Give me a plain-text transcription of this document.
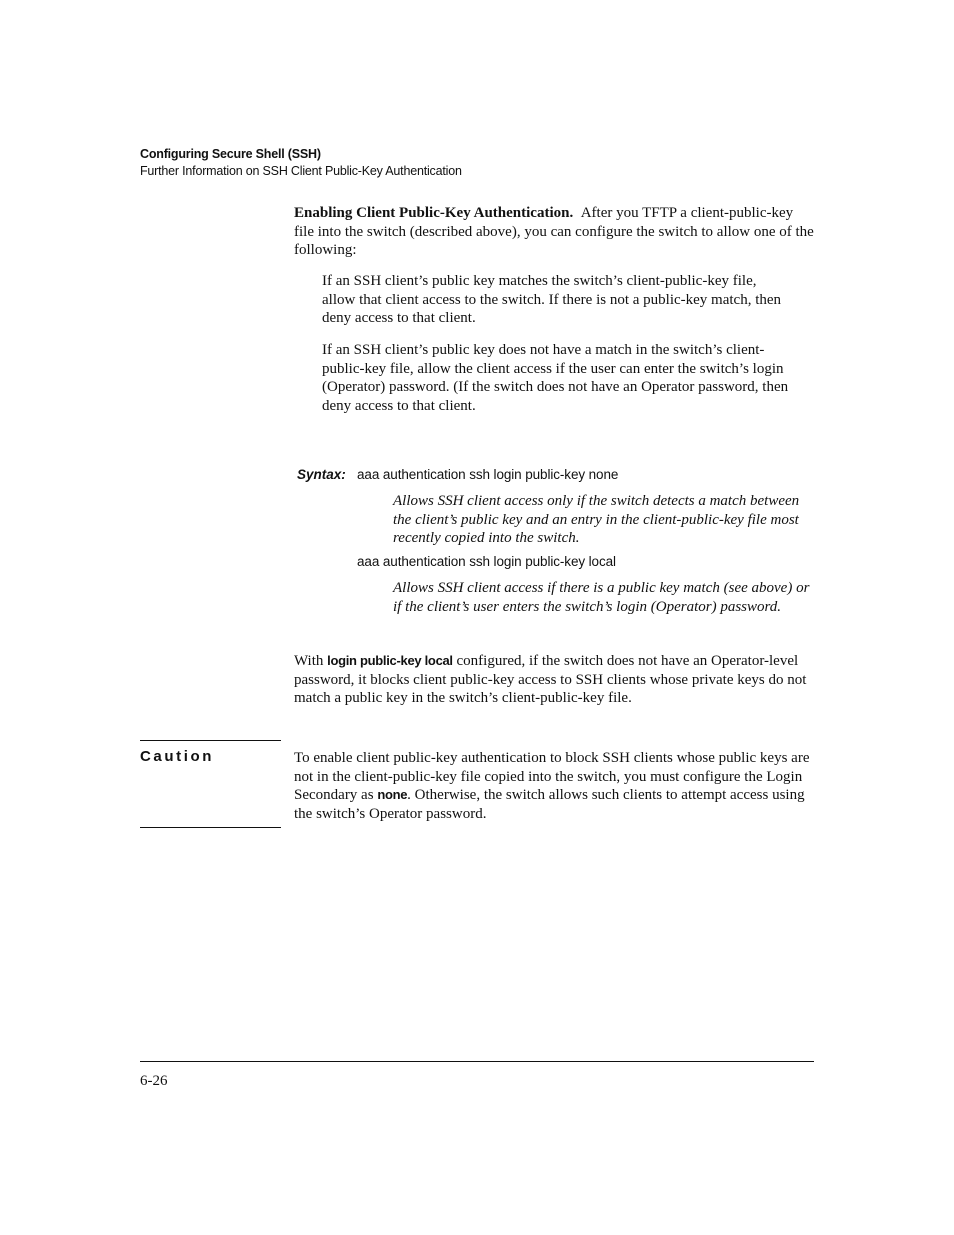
Configuring Secure Shell (SSH)
Further Information on SSH Client Public-Key Authentication
Enabling Client Public-Key Authentication. After you TFTP a client-public-key file into the switch (described above), you can configure the switch to allow one of the following:
If an SSH client’s public key matches the switch’s client-public-key file, allow that client access to the switch. If there is not a public-key match, then deny access to that client.
If an SSH client’s public key does not have a match in the switch’s client-public-key file, allow the client access if the user can enter the switch’s login (Operator) password. (If the switch does not have an Operator password, then deny access to that client.
Syntax: aaa authentication ssh login public-key none
Allows SSH client access only if the switch detects a match between the client’s public key and an entry in the client-public-key file most recently copied into the switch.
aaa authentication ssh login public-key local
Allows SSH client access if there is a public key match (see above) or if the client’s user enters the switch’s login (Operator) password.
With login public-key local configured, if the switch does not have an Operator-level password, it blocks client public-key access to SSH clients whose private keys do not match a public key in the switch’s client-public-key file.
Caution	To enable client public-key authentication to block SSH clients whose public keys are not in the client-public-key file copied into the switch, you must configure the Login Secondary as none. Otherwise, the switch allows such clients to attempt access using the switch’s Operator password.
6-26
